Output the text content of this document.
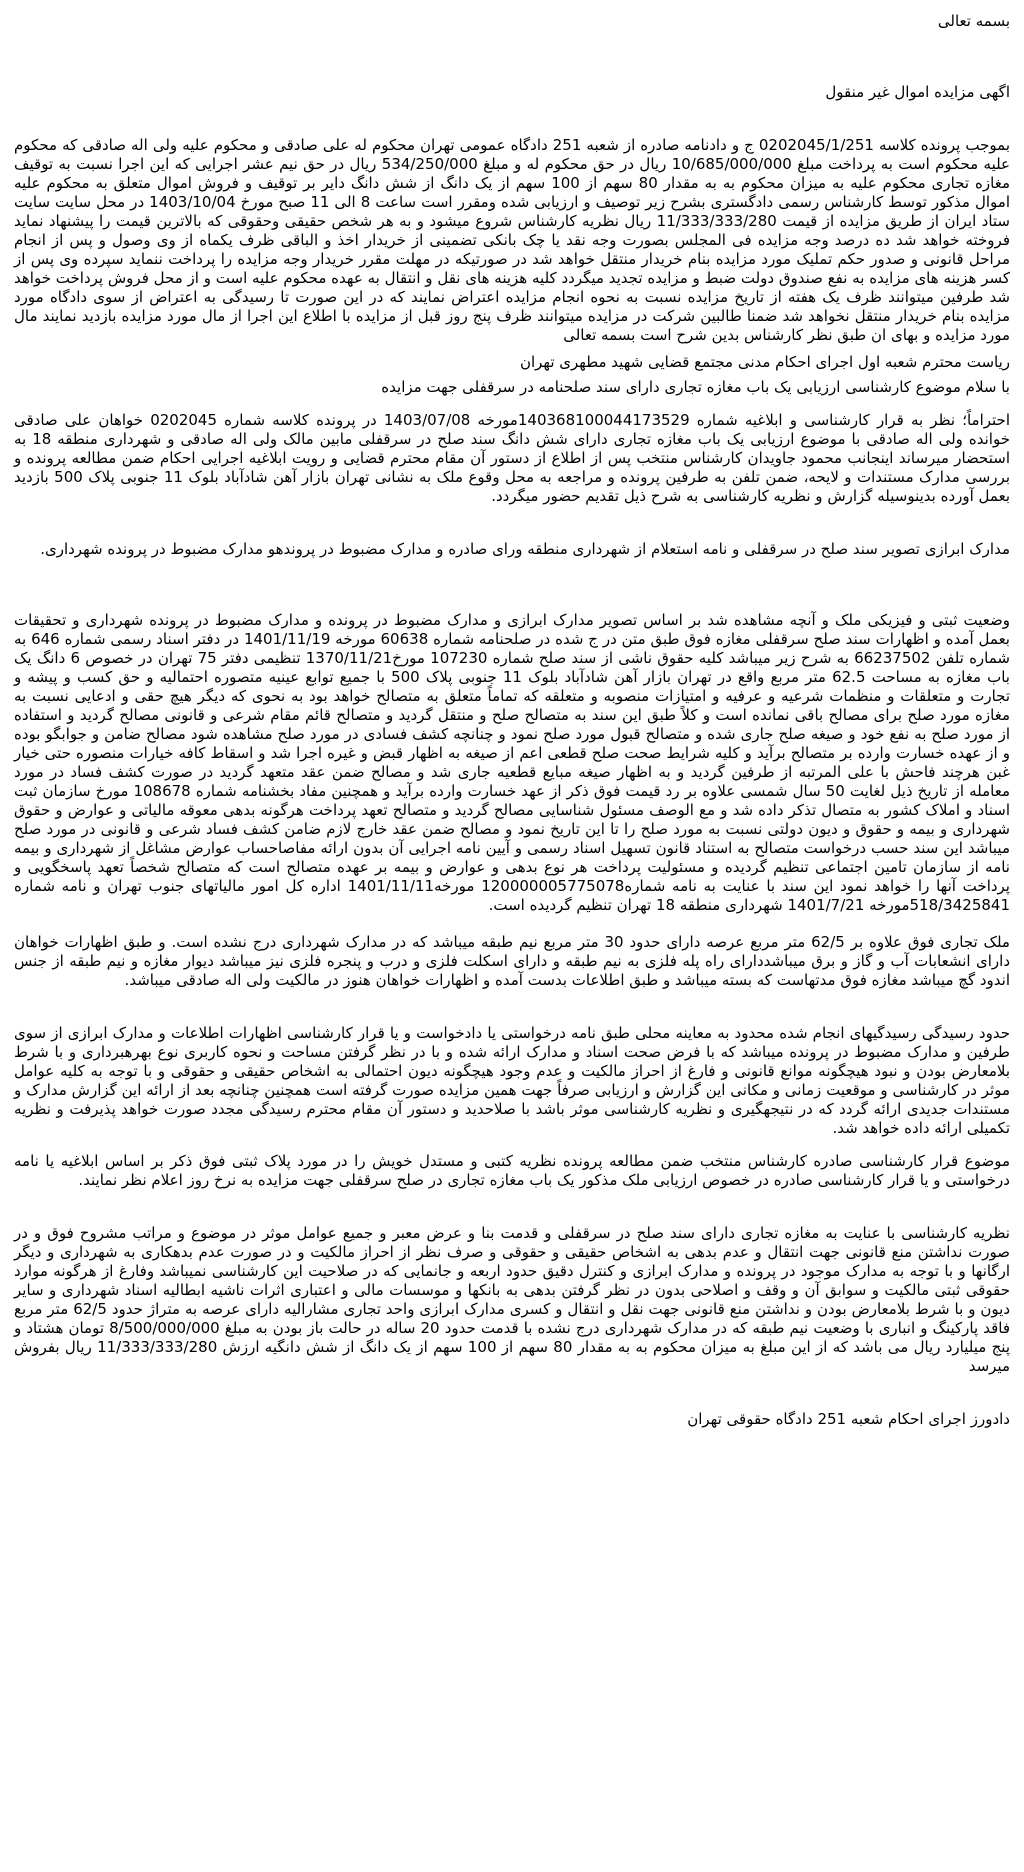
بسمه تعالی

اگهی مزایده اموال غیر منقول

بموجب پرونده کلاسه 0202045/1/251 ج و دادنامه صادره از شعبه 251 دادگاه عمومی تهران محکوم له علی صادقی و محکوم علیه ولی اله صادقی که محکوم علیه محکوم است به پرداخت مبلغ 10/685/000/000 ریال در حق محکوم له و مبلغ 534/250/000 ریال در حق نیم عشر اجرایی که این اجرا نسبت به توقیف مغازه تجاری محکوم علیه به میزان محکوم به به مقدار 80 سهم از 100 سهم از یک دانگ از شش دانگ دایر بر توقیف و فروش اموال متعلق به محکوم علیه اموال مذکور توسط کارشناس رسمی دادگستری بشرح زیر توصیف و ارزیابی شده ومقرر است ساعت 8 الی 11 صبح مورخ 1403/10/04 در محل سایت سایت ستاد ایران از طریق مزایده از قیمت 11/333/333/280 ریال نظریه کارشناس شروع میشود و به هر شخص حقیقی وحقوقی که بالاترین قیمت را پیشنهاد نماید فروخته خواهد شد ده درصد وجه مزایده فی المجلس بصورت وجه نقد یا چک بانکی تضمینی از خریدار اخذ و الباقی ظرف یکماه از وی وصول و پس از انجام مراحل قانونی و صدور حکم تملیک مورد مزایده بنام خریدار منتقل خواهد شد در صورتیکه در مهلت مقرر خریدار وجه مزایده را پرداخت ننماید سپرده وی پس از کسر هزینه های مزایده به نفع صندوق دولت ضبط و مزایده تجدید میگردد کلیه هزینه های نقل و انتقال به عهده محکوم علیه است و از محل فروش پرداخت خواهد شد طرفین میتوانند ظرف یک هفته از تاریخ مزایده نسبت به نحوه انجام مزایده اعتراض نمایند که در این صورت تا رسیدگی به اعتراض از سوی دادگاه مورد مزایده بنام خریدار منتقل نخواهد شد ضمنا طالبین شرکت در مزایده میتوانند ظرف پنج روز قبل از مزایده با اطلاع این اجرا از مال مورد مزایده بازدید نمایند مال مورد مزایده و بهای ان طبق نظر کارشناس بدین شرح است بسمه تعالی

ریاست محترم شعبه اول اجرای احکام مدنی مجتمع قضایی شهید مطهری تهران

با سلام موضوع کارشناسی ارزیابی یک باب مغازه تجاری دارای سند صلحنامه در سرقفلی جهت مزایده

احتراماً؛ نظر به قرار کارشناسی و ابلاغیه شماره 140368100044173529مورخه 1403/07/08 در پرونده کلاسه شماره 0202045 خواهان علی صادقی خوانده ولی اله صادقی با موضوع ارزیابی یک باب مغازه تجاری دارای شش دانگ سند صلح در سرقفلی مابین مالک ولی اله صادقی و شهرداری منطقه 18 به استحضار میرساند اینجانب محمود جاویدان کارشناس منتخب پس از اطلاع از دستور آن مقام محترم قضایی و رویت ابلاغیه اجرایی احکام ضمن مطالعه پرونده و بررسی مدارک مستندات و لایحه، ضمن تلفن به طرفین پرونده و مراجعه به محل وقوع ملک به نشانی تهران بازار آهن شادآباد بلوک 11 جنوبی پلاک 500 بازدید بعمل آورده بدینوسیله گزارش و نظریه کارشناسی به شرح ذیل تقدیم حضور میگردد.

مدارک ابرازی تصویر سند صلح در سرقفلی و نامه استعلام از شهرداری منطقه ورای صادره و مدارک مضبوط در پروندهو مدارک مضبوط در پرونده شهرداری.

وضعیت ثبتی و فیزیکی ملک و آنچه مشاهده شد بر اساس تصویر مدارک ابرازی و مدارک مضبوط در پرونده و مدارک مضبوط در پرونده شهرداری و تحقیقات بعمل آمده و اظهارات سند صلح سرقفلی مغازه فوق طبق متن در ج شده در صلحنامه شماره 60638 مورخه 1401/11/19 در دفتر اسناد رسمی شماره 646 به شماره تلفن 66237502 به شرح زیر میباشد کلیه حقوق ناشی از سند صلح شماره 107230 مورخ1370/11/21 تنظیمی دفتر 75 تهران در خصوص 6 دانگ یک باب مغازه به مساحت 62.5 متر مربع واقع در تهران بازار آهن شادآباد بلوک 11 جنوبی پلاک 500 با جمیع توابع عینیه متصوره احتمالیه و حق کسب و پیشه و تجارت و متعلقات و منظمات شرعیه و عرفیه و امتیازات منصوبه و متعلقه که تماماً متعلق به متصالح خواهد بود به نحوی که دیگر هیچ حقی و ادعایی نسبت به مغازه مورد صلح برای مصالح باقی نمانده است و کلاً طبق این سند به متصالح صلح و منتقل گردید و متصالح قائم مقام شرعی و قانونی مصالح گردید و استفاده از مورد صلح به نفع خود و صیغه صلح جاری شده و متصالح قبول مورد صلح نمود و چنانچه کشف فسادی در مورد صلح مشاهده شود مصالح ضامن و جوابگو بوده و از عهده خسارت وارده بر متصالح برآید و کلیه شرایط صحت صلح قطعی اعم از صیغه به اظهار قبض و غیره اجرا شد و اسقاط کافه خیارات منصوره حتی خیار غبن هرچند فاحش با علی المرتبه از طرفین گردید و به اظهار صیغه مبایع قطعیه جاری شد و مصالح ضمن عقد متعهد گردید در صورت کشف فساد در مورد معامله از تاریخ ذیل لغایت 50 سال شمسی علاوه بر رد قیمت فوق ذکر از عهد خسارت وارده برآید و همچنین مفاد بخشنامه شماره 108678 مورخ سازمان ثبت اسناد و املاک کشور به متصال تذکر داده شد و مع الوصف مسئول شناسایی مصالح گردید و متصالح تعهد پرداخت هرگونه بدهی معوقه مالیاتی و عوارض و حقوق شهرداری و بیمه و حقوق و دیون دولتی نسبت به مورد صلح را تا این تاریخ نمود و مصالح ضمن عقد خارج لازم ضامن کشف فساد شرعی و قانونی در مورد صلح میباشد این سند حسب درخواست متصالح به استناد قانون تسهیل اسناد رسمی و آیین نامه اجرایی آن بدون ارائه مفاصاحساب عوارض مشاغل از شهرداری و بیمه نامه از سازمان تامین اجتماعی تنظیم گردیده و مسئولیت پرداخت هر نوع بدهی و عوارض و بیمه بر عهده متصالح است که متصالح شخصاً تعهد پاسخگویی و پرداخت آنها را خواهد نمود این سند با عنایت به نامه شماره120000005775078 مورخه1401/11/11 اداره کل امور مالیاتهای جنوب تهران و نامه شماره 518/3425841مورخه 1401/7/21 شهرداری منطقه 18 تهران تنظیم گردیده است.

ملک تجاری فوق علاوه بر 62/5 متر مربع عرصه دارای حدود 30 متر مربع نیم طبقه میباشد که در مدارک شهرداری درج نشده است. و طبق اظهارات خواهان دارای انشعابات آب و گاز و برق میباشددارای راه پله فلزی به نیم طبقه و دارای اسکلت فلزی و درب و پنجره فلزی نیز میباشد دیوار مغازه و نیم طبقه از جنس اندود گچ میباشد مغازه فوق مدتهاست که بسته میباشد و طبق اطلاعات بدست آمده و اظهارات خواهان هنوز در مالکیت ولی اله صادقی میباشد.

حدود رسیدگی رسیدگیهای انجام شده محدود به معاینه محلی طبق نامه درخواستی یا دادخواست و یا قرار کارشناسی اظهارات اطلاعات و مدارک ابرازی از سوی طرفین و مدارک مضبوط در پرونده میباشد که با فرض صحت اسناد و مدارک ارائه شده و با در نظر گرفتن مساحت و نحوه کاربری نوع بهرهبرداری و با شرط بلامعارض بودن و نبود هیچگونه موانع قانونی و فارغ از احراز مالکیت و عدم وجود هیچگونه دیون احتمالی به اشخاص حقیقی و حقوقی و با توجه به کلیه عوامل موثر در کارشناسی و موقعیت زمانی و مکانی این گزارش و ارزیابی صرفاً جهت همین مزایده صورت گرفته است همچنین چنانچه بعد از ارائه این گزارش مدارک و مستندات جدیدی ارائه گردد که در نتیجهگیری و نظریه کارشناسی موثر باشد با صلاحدید و دستور آن مقام محترم رسیدگی مجدد صورت خواهد پذیرفت و نظریه تکمیلی ارائه داده خواهد شد.

موضوع قرار کارشناسی صادره کارشناس منتخب ضمن مطالعه پرونده نظریه کتبی و مستدل خویش را در مورد پلاک ثبتی فوق ذکر بر اساس ابلاغیه یا نامه درخواستی و یا قرار کارشناسی صادره در خصوص ارزیابی ملک مذکور یک باب مغازه تجاری در صلح سرقفلی جهت مزایده به نرخ روز اعلام نظر نمایند.

نظریه کارشناسی با عنایت به مغازه تجاری دارای سند صلح در سرقفلی و قدمت بنا و عرض معبر و جمیع عوامل موثر در موضوع و مراتب مشروح فوق و در صورت نداشتن منع قانونی جهت انتقال و عدم بدهی به اشخاص حقیقی و حقوقی و صرف نظر از احراز مالکیت و در صورت عدم بدهکاری به شهرداری و دیگر ارگانها و با توجه به مدارک موجود در پرونده و مدارک ابرازی و کنترل دقیق حدود اربعه و جانمایی که در صلاحیت این کارشناسی نمیباشد وفارغ از هرگونه موارد حقوقی ثبتی مالکیت و سوابق آن و وقف و اصلاحی بدون در نظر گرفتن بدهی به بانکها و موسسات مالی و اعتباری اثرات ناشیه ابطالیه اسناد شهرداری و سایر دیون و با شرط بلامعارض بودن و نداشتن منع قانونی جهت نقل و انتقال و کسری مدارک ابرازی واحد تجاری مشارالیه دارای عرصه به متراژ حدود 62/5 متر مربع فاقد پارکینگ و انباری با وضعیت نیم طبقه که در مدارک شهرداری درج نشده با قدمت حدود 20 ساله در حالت باز بودن به مبلغ 8/500/000/000 تومان هشتاد و پنج میلیارد ریال می باشد که از این مبلغ به میزان محکوم به به مقدار 80 سهم از 100 سهم از یک دانگ از شش دانگیه ارزش 11/333/333/280 ریال بفروش میرسد

دادورز اجرای احکام شعبه 251 دادگاه حقوقی تهران
